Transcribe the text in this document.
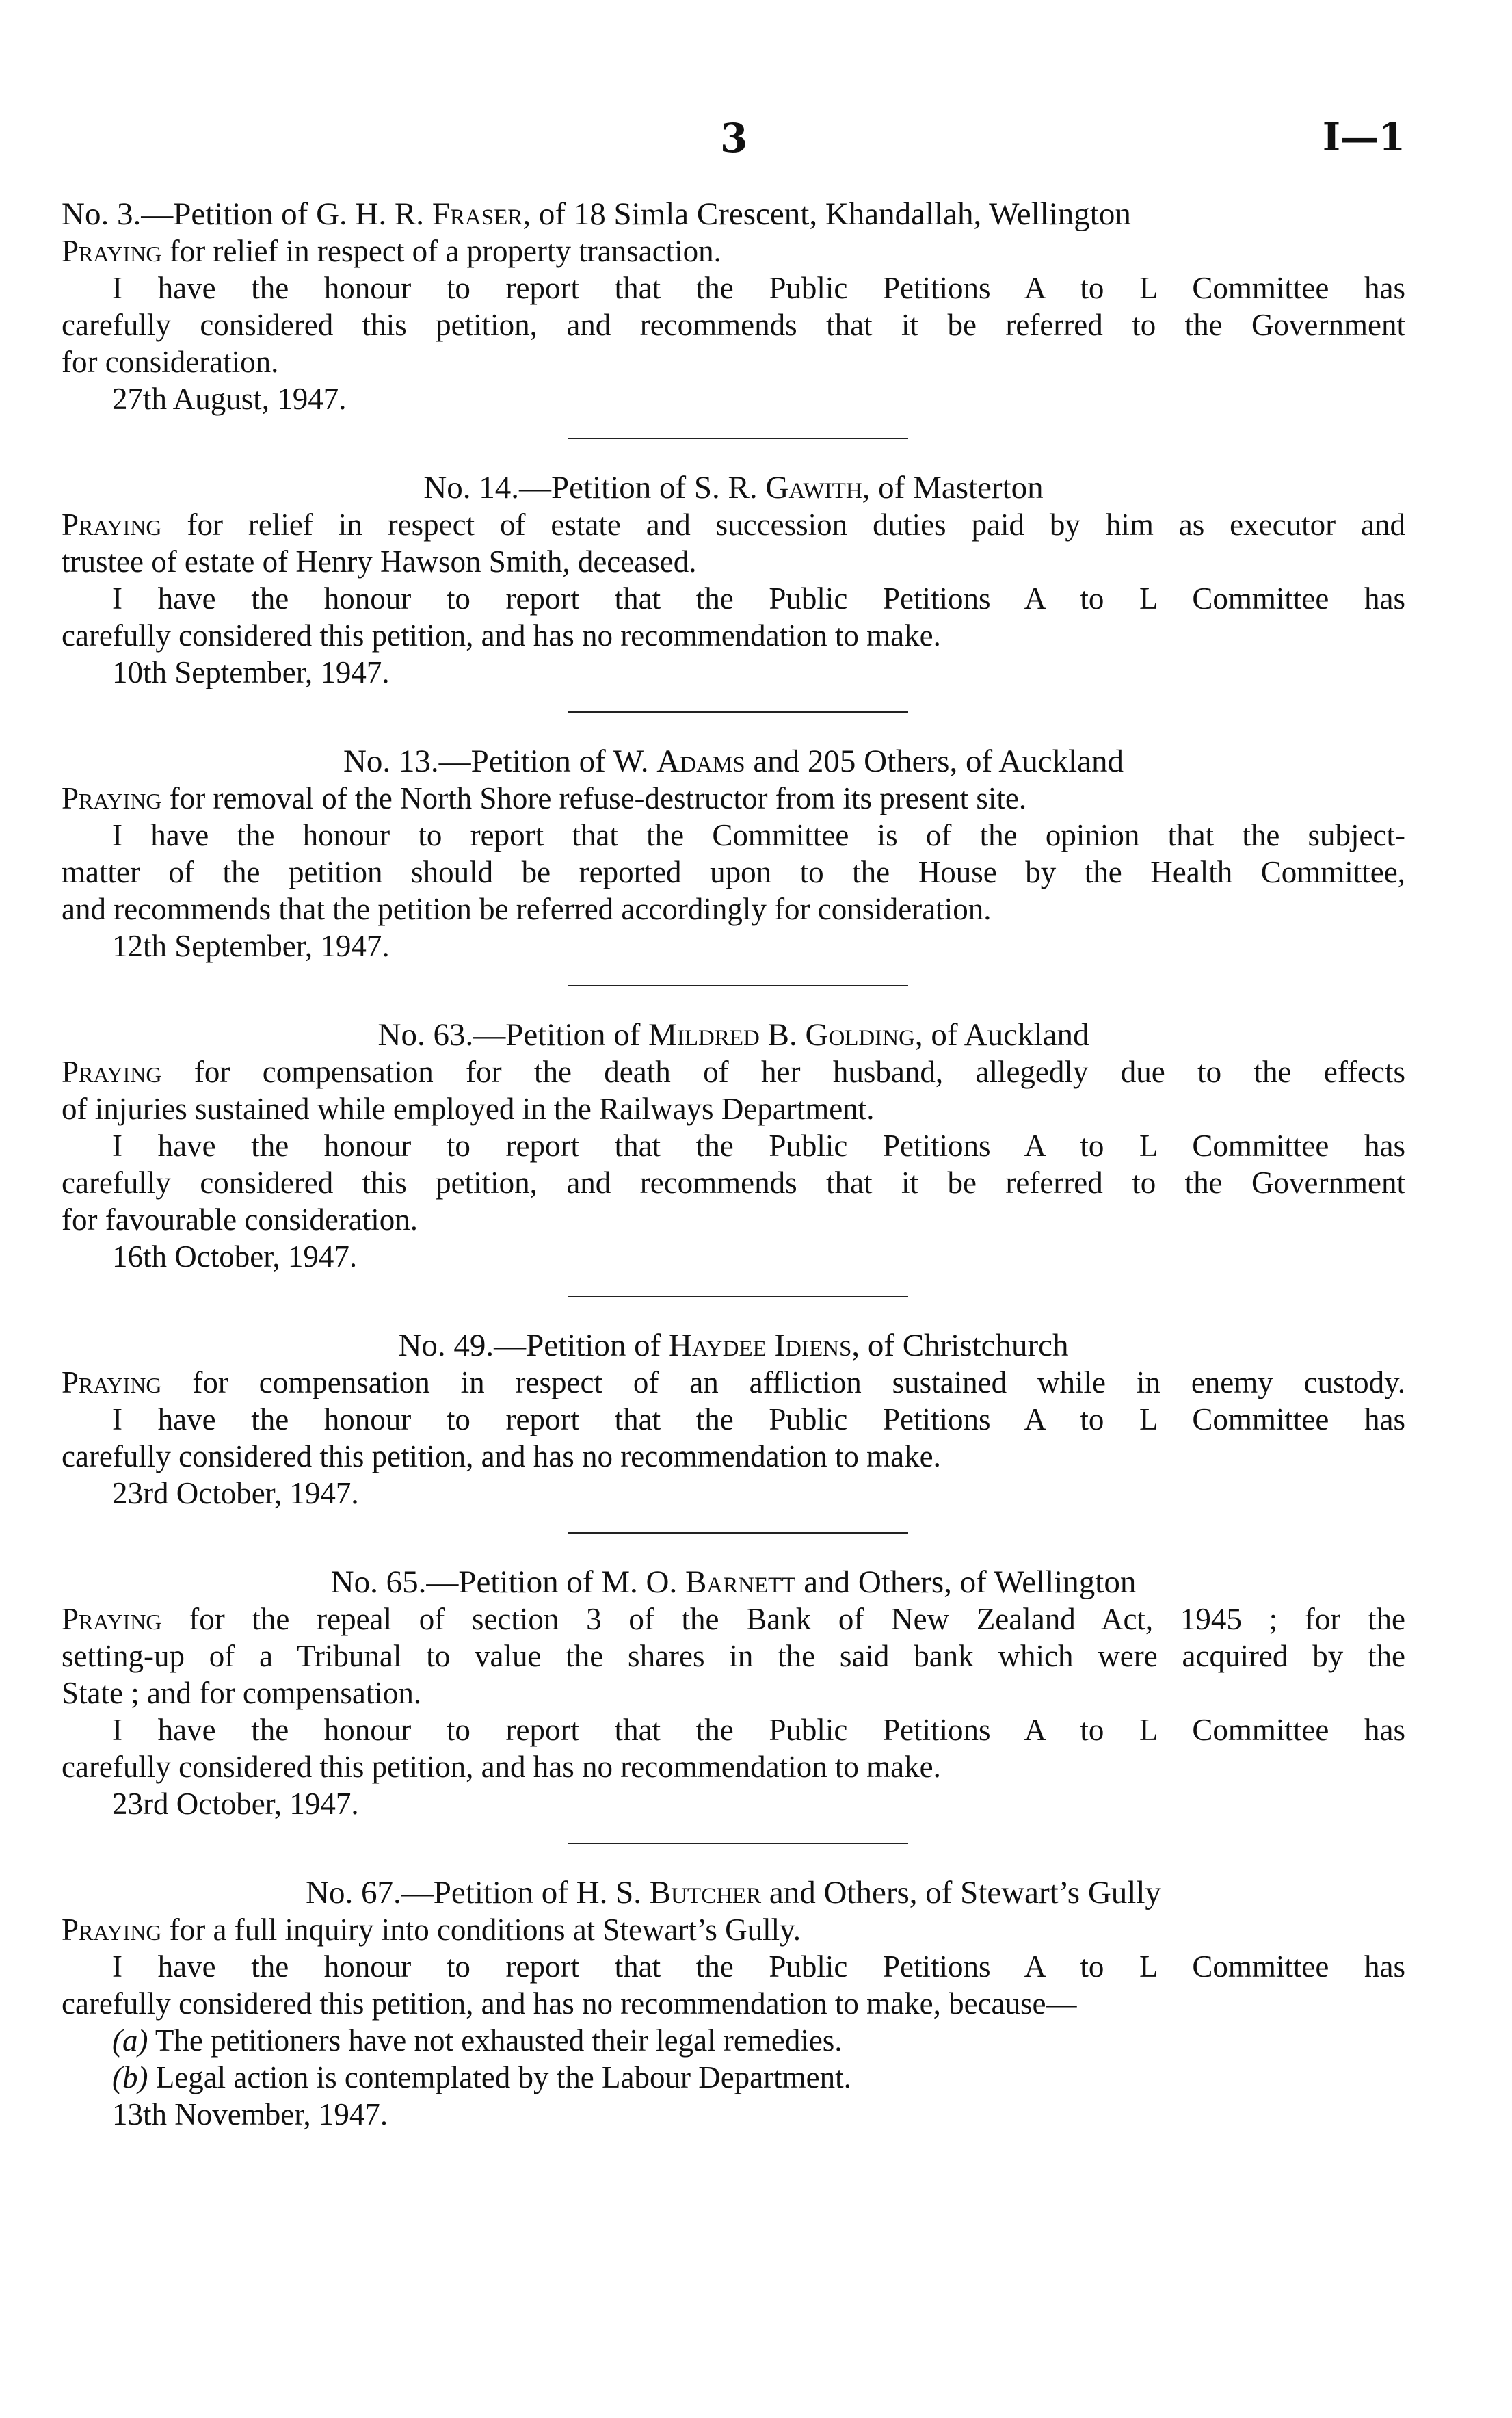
3	I—1
No. 3.—Petition of G. H. R. Fraser, of 18 Simla Crescent, Khandallah, Wellington
Praying for relief in respect of a property transaction.
I have the honour to report that the Public Petitions A to L Committee has
carefully considered this petition, and recommends that it be referred to the Government
for consideration.
27th August, 1947.
No. 14.—Petition of S. R. Gawith, of Masterton
Praying for relief in respect of estate and succession duties paid by him as executor and
trustee of estate of Henry Hawson Smith, deceased.
I have the honour to report that the Public Petitions A to L Committee has
carefully considered this petition, and has no recommendation to make.
10th September, 1947.
No. 13.—Petition of W. Adams and 205 Others, of Auckland
Praying for removal of the North Shore refuse-destructor from its present site.
I have the honour to report that the Committee is of the opinion that the subject-
matter of the petition should be reported upon to the House by the Health Committee,
and recommends that the petition be referred accordingly for consideration.
12th September, 1947.
No. 63.—Petition of Mildred B. Golding, of Auckland
Praying for compensation for the death of her husband, allegedly due to the effects
of injuries sustained while employed in the Railways Department.
I have the honour to report that the Public Petitions A to L Committee has
carefully considered this petition, and recommends that it be referred to the Government
for favourable consideration.
16th October, 1947.
No. 49.—Petition of Haydee Idiens, of Christchurch
Praying for compensation in respect of an affliction sustained while in enemy custody.
I have the honour to report that the Public Petitions A to L Committee has
carefully considered this petition, and has no recommendation to make.
23rd October, 1947.
No. 65.—Petition of M. O. Barnett and Others, of Wellington
Praying for the repeal of section 3 of the Bank of New Zealand Act, 1945 ; for the
setting-up of a Tribunal to value the shares in the said bank which were acquired by the
State ; and for compensation.
I have the honour to report that the Public Petitions A to L Committee has
carefully considered this petition, and has no recommendation to make.
23rd October, 1947.
No. 67.—Petition of H. S. Butcher and Others, of Stewart’s Gully
Praying for a full inquiry into conditions at Stewart’s Gully.
I have the honour to report that the Public Petitions A to L Committee has
carefully considered this petition, and has no recommendation to make, because—
(a) The petitioners have not exhausted their legal remedies.
(b) Legal action is contemplated by the Labour Department.
13th November, 1947.
